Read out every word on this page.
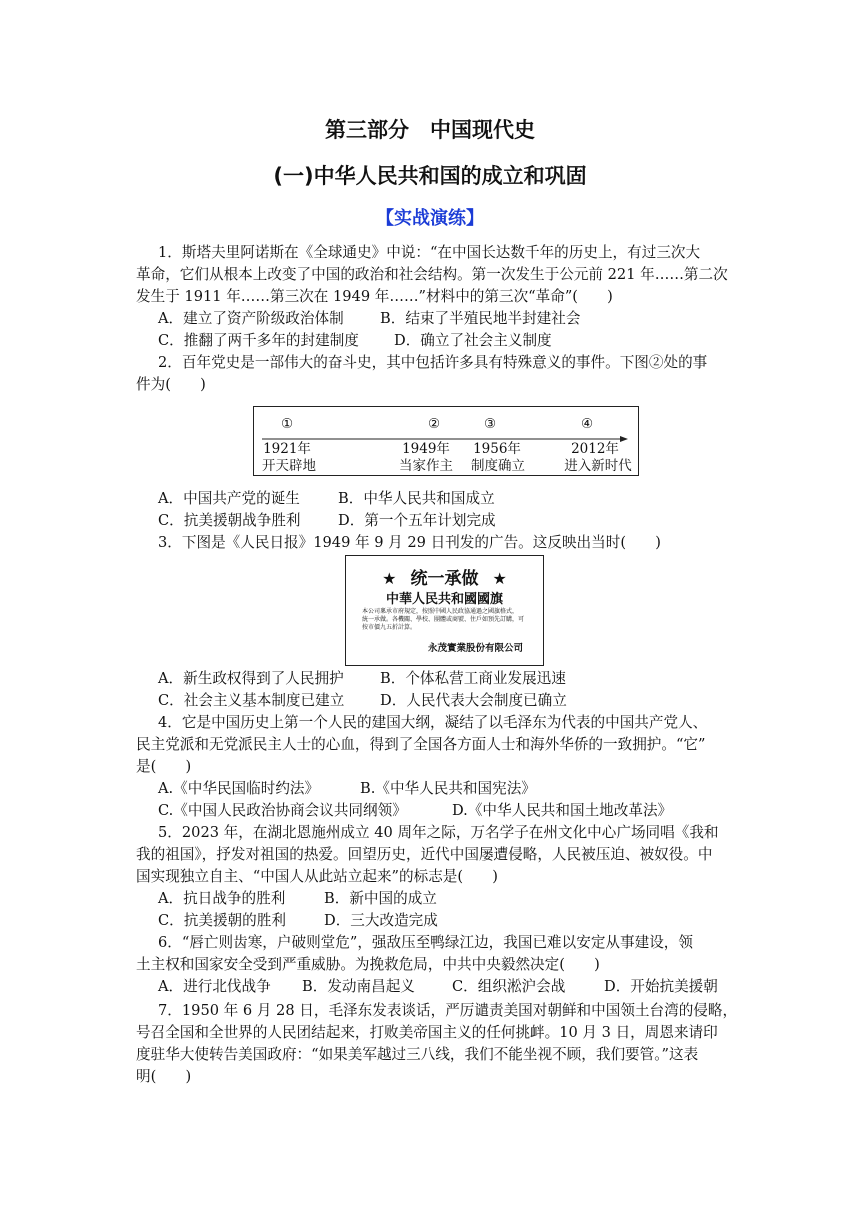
第三部分　中国现代史
(一)中华人民共和国的成立和巩固
【实战演练】
1．斯塔夫里阿诺斯在《全球通史》中说：“在中国长达数千年的历史上，有过三次大
革命，它们从根本上改变了中国的政治和社会结构。第一次发生于公元前 221 年……第二次
发生于 1911 年……第三次在 1949 年……”材料中的第三次“革命”(　　)
A．建立了资产阶级政治体制 B．结束了半殖民地半封建社会
C．推翻了两千多年的封建制度 D．确立了社会主义制度
2．百年党史是一部伟大的奋斗史，其中包括许多具有特殊意义的事件。下图②处的事
件为(　　)
①	②	③	④
1921年	1949年 1956年	2012年
开天辟地	当家作主 制度确立	进入新时代
A．中国共产党的诞生	B．中华人民共和国成立
C．抗美援朝战争胜利	D．第一个五年计划完成
3．下图是《人民日报》1949 年 9 月 29 日刊发的广告。这反映出当时(　　)
★ 统一承做 ★
中華人民共和國國旗
本公司稟承市府規定，按照中國人民政協通過之國旗格式，
統一承做。各機關、學校、團體或商號、住戶如預先訂購，可
按市價九五折計算。
永茂實業股份有限公司
A．新生政权得到了人民拥护 B．个体私营工商业发展迅速
C．社会主义基本制度已建立 D．人民代表大会制度已确立
4．它是中国历史上第一个人民的建国大纲，凝结了以毛泽东为代表的中国共产党人、
民主党派和无党派民主人士的心血，得到了全国各方面人士和海外华侨的一致拥护。“它”
是(　　)
A.《中华民国临时约法》	B.《中华人民共和国宪法》
C.《中国人民政治协商会议共同纲领》	D.《中华人民共和国土地改革法》
5．2023 年，在湖北恩施州成立 40 周年之际，万名学子在州文化中心广场同唱《我和
我的祖国》，抒发对祖国的热爱。回望历史，近代中国屡遭侵略，人民被压迫、被奴役。中
国实现独立自主、“中国人从此站立起来”的标志是(　　)
A．抗日战争的胜利	B．新中国的成立
C．抗美援朝的胜利	D．三大改造完成
6．“唇亡则齿寒，户破则堂危”，强敌压至鸭绿江边，我国已难以安定从事建设，领
土主权和国家安全受到严重威胁。为挽救危局，中共中央毅然决定(　　)
A．进行北伐战争 B．发动南昌起义	C．组织淞沪会战	D．开始抗美援朝
7．1950 年 6 月 28 日，毛泽东发表谈话，严厉谴责美国对朝鲜和中国领土台湾的侵略，
号召全国和全世界的人民团结起来，打败美帝国主义的任何挑衅。10 月 3 日，周恩来请印
度驻华大使转告美国政府：“如果美军越过三八线，我们不能坐视不顾，我们要管。”这表
明(　　)
